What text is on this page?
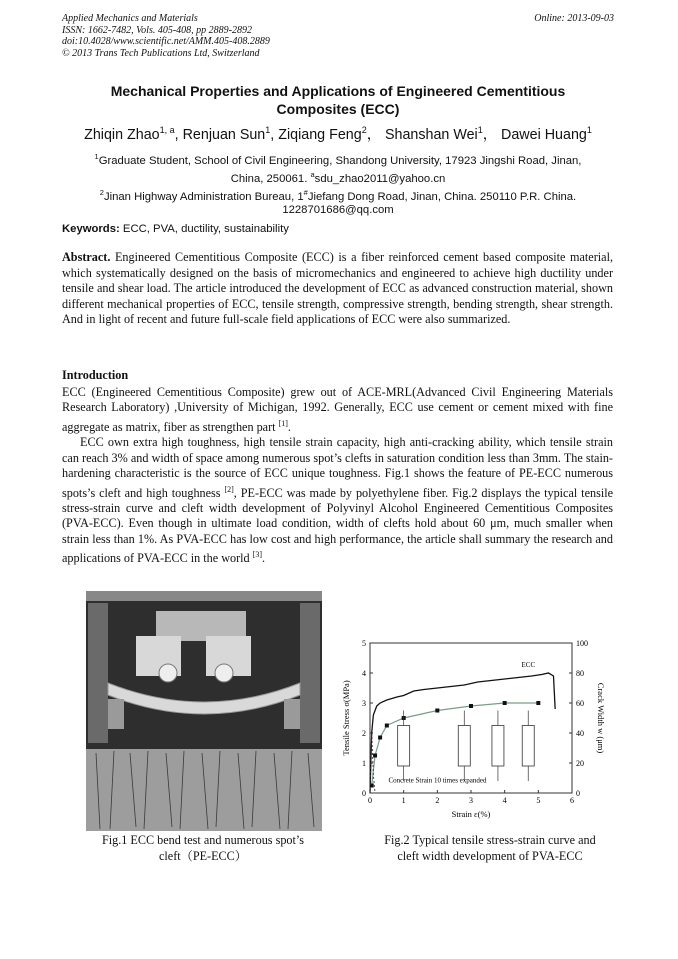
Applied Mechanics and Materials
ISSN: 1662-7482, Vols. 405-408, pp 2889-2892
doi:10.4028/www.scientific.net/AMM.405-408.2889
© 2013 Trans Tech Publications Ltd, Switzerland
Online: 2013-09-03
Mechanical Properties and Applications of Engineered Cementitious
Composites (ECC)
Zhiqin Zhao$^{1, a}$, Renjuan Sun$^1$, Ziqiang Feng$^2$， Shanshan Wei$^1$， Dawei Huang$^1$
$^1$Graduate Student, School of Civil Engineering, Shandong University, 17923 Jingshi Road, Jinan,
China, 250061. $^a$sdu_zhao2011@yahoo.cn
$^2$Jinan Highway Administration Bureau, 1#Jiefang Dong Road, Jinan, China. 250110 P.R. China.
1228701686@qq.com
Keywords: ECC, PVA, ductility, sustainability
Abstract. Engineered Cementitious Composite (ECC) is a fiber reinforced cement based composite material, which systematically designed on the basis of micromechanics and engineered to achieve high ductility under tensile and shear load. The article introduced the development of ECC as advanced construction material, shown different mechanical properties of ECC, tensile strength, compressive strength, bending strength, shear strength. And in light of recent and future full-scale field applications of ECC were also summarized.
Introduction

ECC (Engineered Cementitious Composite) grew out of ACE-MRL(Advanced Civil Engineering Materials Research Laboratory) ,University of Michigan, 1992. Generally, ECC use cement or cement mixed with fine aggregate as matrix, fiber as strengthen part [1].

ECC own extra high toughness, high tensile strain capacity, high anti-cracking ability, which tensile strain can reach 3% and width of space among numerous spot’s clefts in saturation condition less than 3mm. The stain-hardening characteristic is the source of ECC unique toughness. Fig.1 shows the feature of PE-ECC numerous spots’s cleft and high toughness [2], PE-ECC was made by polyethylene fiber. Fig.2 displays the typical tensile stress-strain curve and cleft width development of Polyvinyl Alcohol Engineered Cementitious Composites (PVA-ECC). Even though in ultimate load condition, width of clefts hold about 60 μm, much smaller when strain less than 1%. As PVA-ECC has low cost and high performance, the article shall summary the research and applications of PVA-ECC in the world [3].

0	1	2	3	4	5	6
0
1
2
3
4
5
0
20
40
60
80
100
Strain ε(%)
Tensile Stress σ(MPa)	Crack Width w (μm)
ECC
Concrete Strain 10 times expanded
Fig.1 ECC bend test and numerous spot’s
cleft（PE-ECC）
Fig.2 Typical tensile stress-strain curve and
cleft width development of PVA-ECC
